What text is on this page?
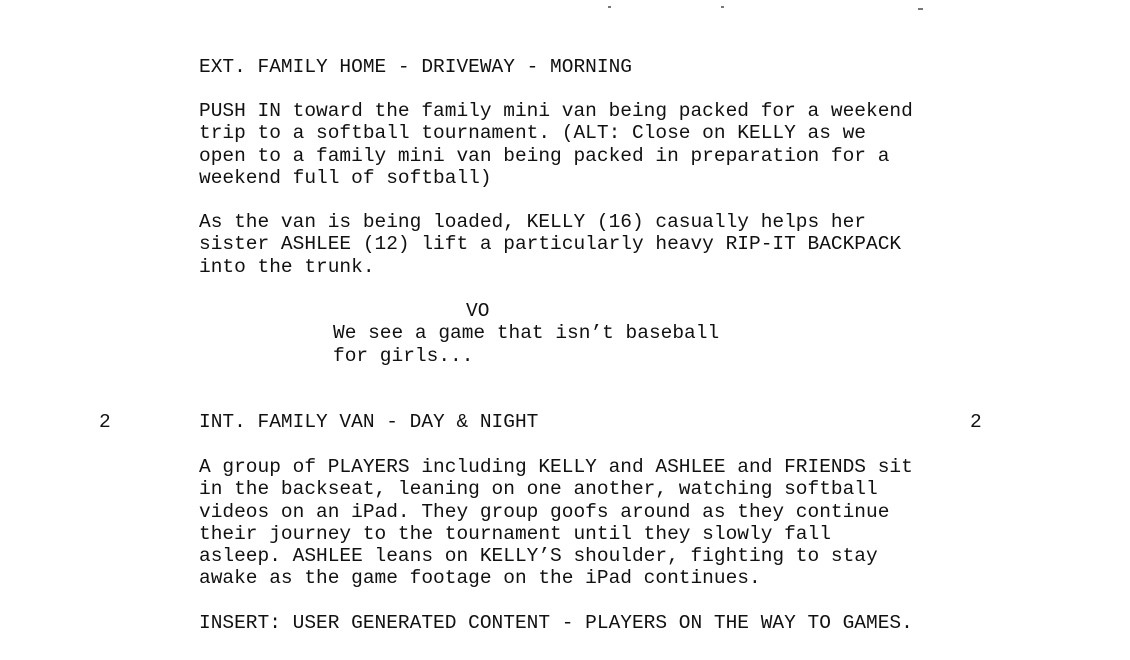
EXT. FAMILY HOME - DRIVEWAY - MORNING
PUSH IN toward the family mini van being packed for a weekend
trip to a softball tournament. (ALT: Close on KELLY as we
open to a family mini van being packed in preparation for a
weekend full of softball)
As the van is being loaded, KELLY (16) casually helps her
sister ASHLEE (12) lift a particularly heavy RIP-IT BACKPACK
into the trunk.
VO
We see a game that isn’t baseball
for girls...
2	INT. FAMILY VAN - DAY & NIGHT	2
A group of PLAYERS including KELLY and ASHLEE and FRIENDS sit
in the backseat, leaning on one another, watching softball
videos on an iPad. They group goofs around as they continue
their journey to the tournament until they slowly fall
asleep. ASHLEE leans on KELLY’S shoulder, fighting to stay
awake as the game footage on the iPad continues.
INSERT: USER GENERATED CONTENT - PLAYERS ON THE WAY TO GAMES.
